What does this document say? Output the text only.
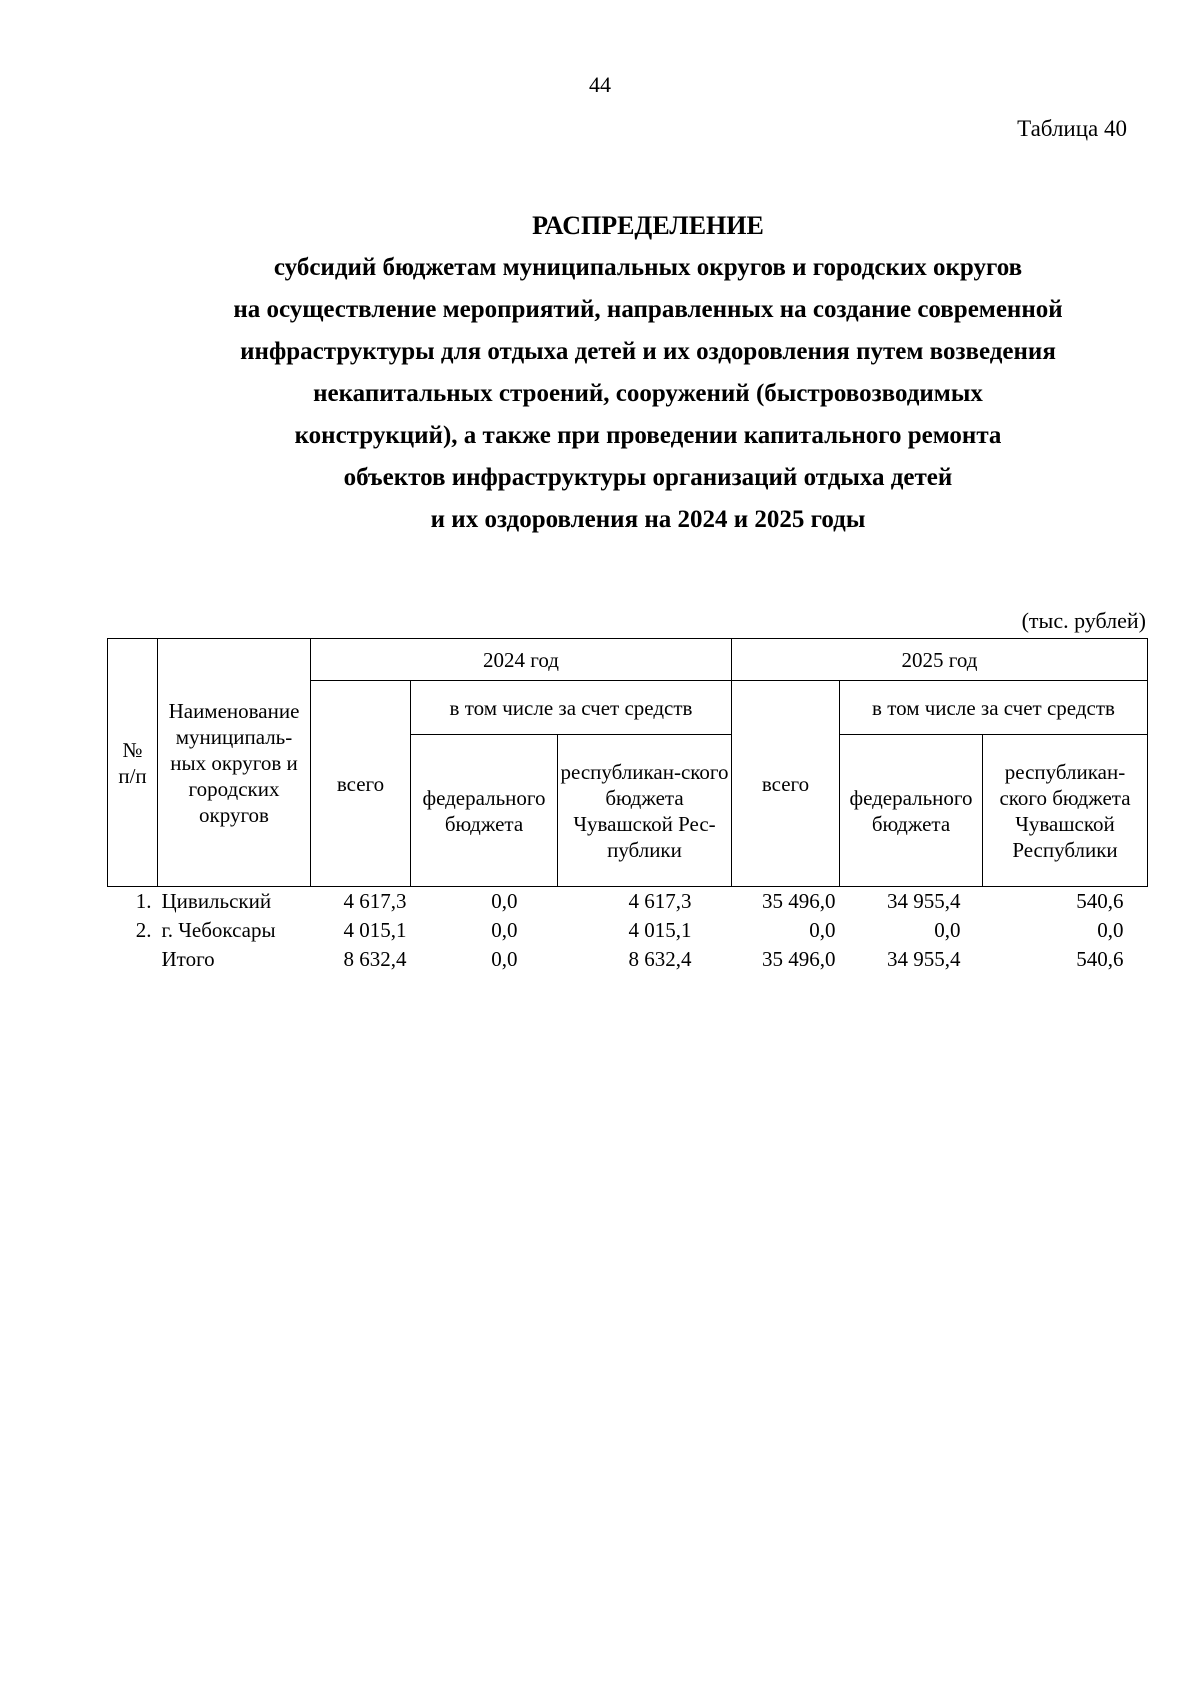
44
Таблица 40
РАСПРЕДЕЛЕНИЕ
субсидий бюджетам муниципальных округов и городских округов
на осуществление мероприятий, направленных на создание современной
инфраструктуры для отдыха детей и их оздоровления путем возведения
некапитальных строений, сооружений (быстровозводимых
конструкций), а также при проведении капитального ремонта
объектов инфраструктуры организаций отдыха детей
и их оздоровления на 2024 и 2025 годы
(тыс. рублей)
№ п/п	Наименование муниципаль-ных округов и городских округов	2024 год			2025 год		
		всего	в том числе за счет средств		всего	в том числе за счет средств	
			федерального бюджета	республикан-ского бюджета Чувашской Рес-публики		федерального бюджета	республикан-ского бюджета Чувашской Республики
1.	Цивильский	4 617,3	0,0	4 617,3	35 496,0	34 955,4	540,6
2.	г. Чебоксары	4 015,1	0,0	4 015,1	0,0	0,0	0,0
	Итого	8 632,4	0,0	8 632,4	35 496,0	34 955,4	540,6
